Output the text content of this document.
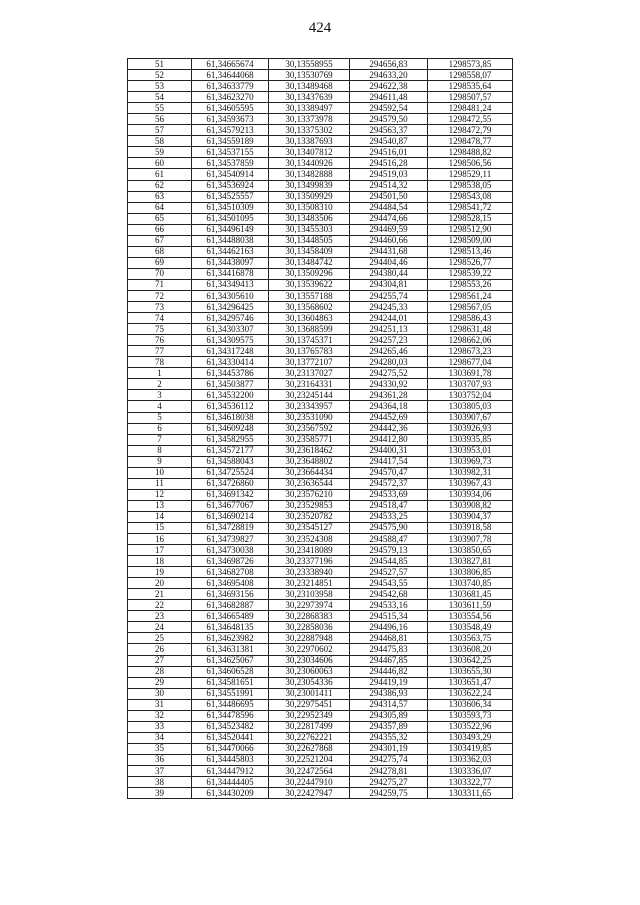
424
51	61,34665674	30,13558955	294656,83	1298573,85
52	61,34644068	30,13530769	294633,20	1298558,07
53	61,34633779	30,13489468	294622,38	1298535,64
54	61,34623270	30,13437639	294611,48	1298507,57
55	61,34605595	30,13389497	294592,54	1298481,24
56	61,34593673	30,13373978	294579,50	1298472,55
57	61,34579213	30,13375302	294563,37	1298472,79
58	61,34559189	30,13387693	294540,87	1298478,77
59	61,34537155	30,13407812	294516,01	1298488,82
60	61,34537859	30,13440926	294516,28	1298506,56
61	61,34540914	30,13482888	294519,03	1298529,11
62	61,34536924	30,13499839	294514,32	1298538,05
63	61,34525557	30,13509929	294501,50	1298543,08
64	61,34510309	30,13508310	294484,54	1298541,72
65	61,34501095	30,13483506	294474,66	1298528,15
66	61,34496149	30,13455303	294469,59	1298512,90
67	61,34488038	30,13448505	294460,66	1298509,00
68	61,34462163	30,13458409	294431,68	1298513,46
69	61,34438097	30,13484742	294404,46	1298526,77
70	61,34416878	30,13509296	294380,44	1298539,22
71	61,34349413	30,13539622	294304,81	1298553,26
72	61,34305610	30,13557188	294255,74	1298561,24
73	61,34296425	30,13568602	294245,33	1298567,05
74	61,34295746	30,13604863	294244,01	1298586,43
75	61,34303307	30,13688599	294251,13	1298631,48
76	61,34309575	30,13745371	294257,23	1298662,06
77	61,34317248	30,13765783	294265,46	1298673,23
78	61,34330414	30,13772107	294280,03	1298677,04
1	61,34453786	30,23137027	294275,52	1303691,78
2	61,34503877	30,23164331	294330,92	1303707,93
3	61,34532200	30,23245144	294361,28	1303752,04
4	61,34536112	30,23343957	294364,18	1303805,03
5	61,34618038	30,23531090	294452,69	1303907,67
6	61,34609248	30,23567592	294442,36	1303926,93
7	61,34582955	30,23585771	294412,80	1303935,85
8	61,34572177	30,23618462	294400,31	1303953,01
9	61,34588043	30,23648802	294417,54	1303969,73
10	61,34725524	30,23664434	294570,47	1303982,31
11	61,34726860	30,23636544	294572,37	1303967,43
12	61,34691342	30,23576210	294533,69	1303934,06
13	61,34677067	30,23529853	294518,47	1303908,82
14	61,34690214	30,23520782	294533,25	1303904,37
15	61,34728819	30,23545127	294575,90	1303918,58
16	61,34739827	30,23524308	294588,47	1303907,78
17	61,34730038	30,23418089	294579,13	1303850,65
18	61,34698726	30,23377196	294544,85	1303827,81
19	61,34682708	30,23338940	294527,57	1303806,85
20	61,34695408	30,23214851	294543,55	1303740,85
21	61,34693156	30,23103958	294542,68	1303681,45
22	61,34682887	30,22973974	294533,16	1303611,59
23	61,34665489	30,22868383	294515,34	1303554,56
24	61,34648135	30,22858036	294496,16	1303548,49
25	61,34623982	30,22887948	294468,81	1303563,75
26	61,34631381	30,22970602	294475,83	1303608,20
27	61,34625067	30,23034606	294467,85	1303642,25
28	61,34606528	30,23060063	294446,82	1303655,30
29	61,34581651	30,23054336	294419,19	1303651,47
30	61,34551991	30,23001411	294386,93	1303622,24
31	61,34486695	30,22975451	294314,57	1303606,34
32	61,34478596	30,22952349	294305,89	1303593,73
33	61,34523482	30,22817499	294357,89	1303522,96
34	61,34520441	30,22762221	294355,32	1303493,29
35	61,34470066	30,22627868	294301,19	1303419,85
36	61,34445803	30,22521204	294275,74	1303362,03
37	61,34447912	30,22472564	294278,81	1303336,07
38	61,34444405	30,22447910	294275,27	1303322,77
39	61,34430209	30,22427947	294259,75	1303311,65
